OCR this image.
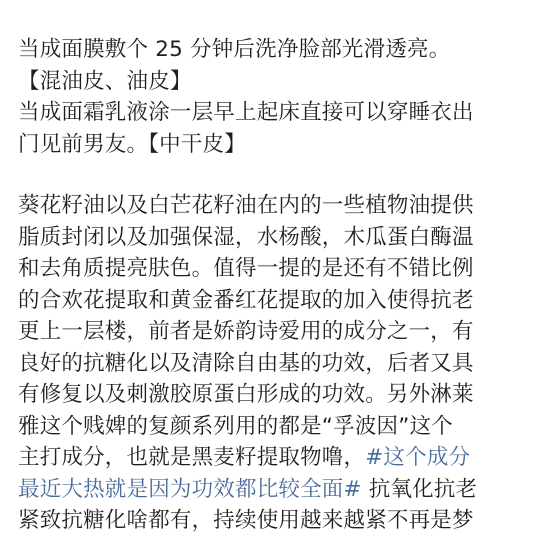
当成面膜敷个 25 分钟后洗净脸部光滑透亮。
【混油皮、油皮】
当成面霜乳液涂一层早上起床直接可以穿睡衣出
门见前男友。【中干皮】

葵花籽油以及白芒花籽油在内的一些植物油提供
脂质封闭以及加强保湿，水杨酸，木瓜蛋白酶温
和去角质提亮肤色。值得一提的是还有不错比例
的合欢花提取和黄金番红花提取的加入使得抗老
更上一层楼，前者是娇韵诗爱用的成分之一，有
良好的抗糖化以及清除自由基的功效，后者又具
有修复以及刺激胶原蛋白形成的功效。另外淋莱
雅这个贱婢的复颜系列用的都是“孚波因”这个
主打成分，也就是黑麦籽提取物噜，#这个成分
最近大热就是因为功效都比较全面# 抗氧化抗老
紧致抗糖化啥都有，持续使用越来越紧不再是梦
